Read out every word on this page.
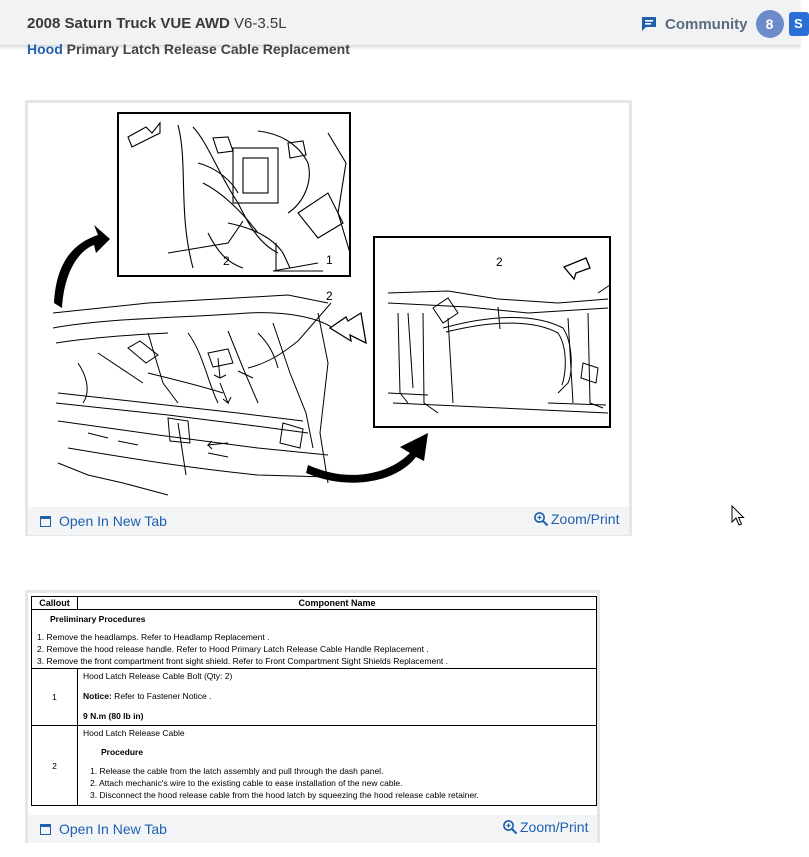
2008 Saturn Truck VUE AWD V6-3.5L	Community	8	S
Hood Primary Latch Release Cable Replacement
2	1
2
2
Open In New Tab	Zoom/Print
Callout	Component Name

Preliminary Procedures
1. Remove the headlamps. Refer to Headlamp Replacement .
2. Remove the hood release handle. Refer to Hood Primary Latch Release Cable Handle Replacement .
3. Remove the front compartment front sight shield. Refer to Front Compartment Sight Shields Replacement .	

1	Hood Latch Release Cable Bolt (Qty: 2)
Notice: Refer to Fastener Notice .
9 N.m (80 lb in)

2	Hood Latch Release Cable
Procedure
1. Release the cable from the latch assembly and pull through the dash panel.
2. Attach mechanic's wire to the existing cable to ease installation of the new cable.
3. Disconnect the hood release cable from the hood latch by squeezing the hood release cable retainer.
Open In New Tab	Zoom/Print
